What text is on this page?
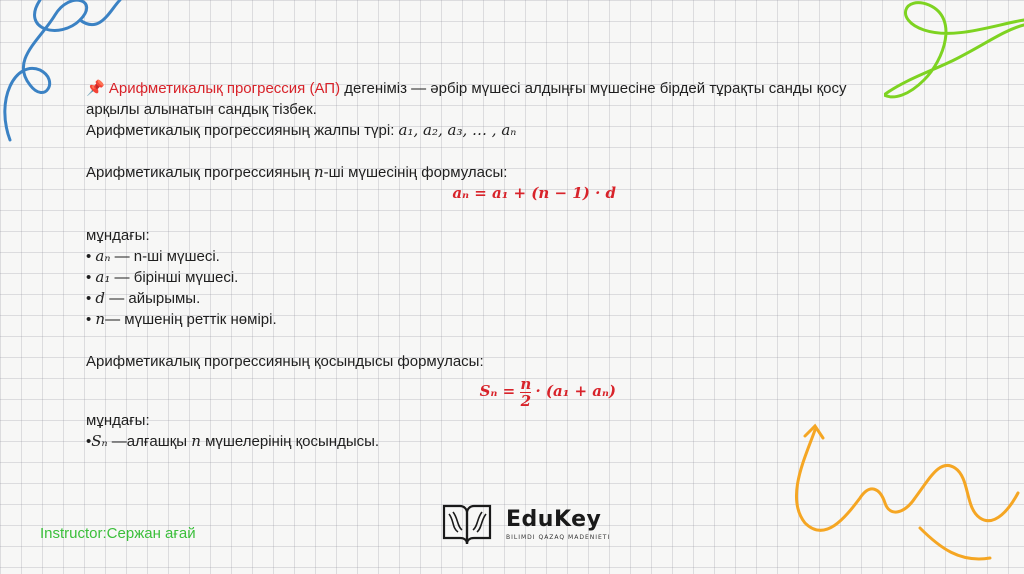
📌 Арифметикалық прогрессия (АП) дегеніміз — әрбір мүшесі алдыңғы мүшесіне бірдей тұрақты санды қосу
арқылы алынатын сандық тізбек.
Арифметикалық прогрессияның жалпы түрі: a₁, a₂, a₃, … , aₙ
Арифметикалық прогрессияның n-ші мүшесінің формуласы:
aₙ = a₁ + (n − 1) · d
мұндағы:
• aₙ — n-ші мүшесі.
• a₁ — бірінші мүшесі.
• d — айырымы.
• n— мүшенің реттік нөмірі.
Арифметикалық прогрессияның қосындысы формуласы:
$S_n = \frac{n}{2} \cdot (a_1 + a_n)$
мұндағы:
•Sₙ —алғашқы n мүшелерінің қосындысы.
Instructor:Сержан ағай
EduKey
BILIMDI QAZAQ MADENIETI
